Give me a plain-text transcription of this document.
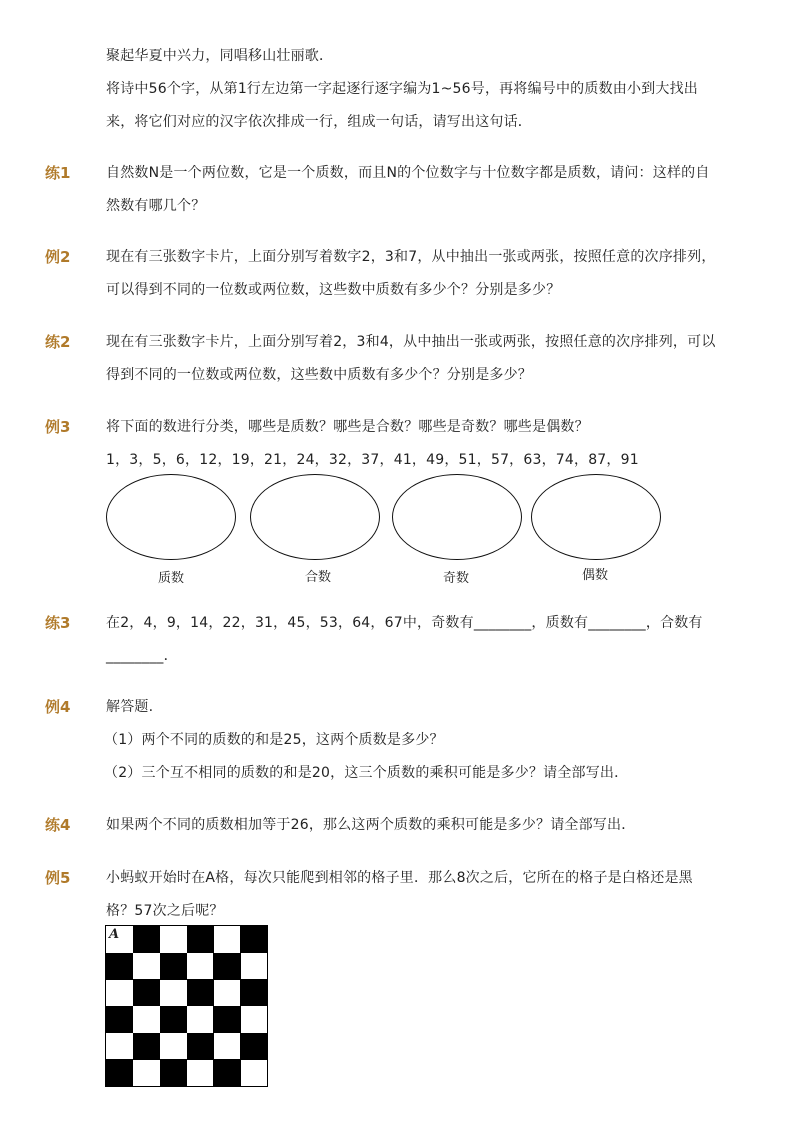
聚起华夏中兴力，同唱移山壮丽歌．
将诗中56个字，从第1行左边第一字起逐行逐字编为1~56号，再将编号中的质数由小到大找出
来，将它们对应的汉字依次排成一行，组成一句话，请写出这句话．
练1	自然数N是一个两位数，它是一个质数，而且N的个位数字与十位数字都是质数，请问：这样的自
然数有哪几个？
例2	现在有三张数字卡片，上面分别写着数字2，3和7，从中抽出一张或两张，按照任意的次序排列，
可以得到不同的一位数或两位数，这些数中质数有多少个？分别是多少？
练2	现在有三张数字卡片，上面分别写着2，3和4，从中抽出一张或两张，按照任意的次序排列，可以
得到不同的一位数或两位数，这些数中质数有多少个？分别是多少？
例3	将下面的数进行分类，哪些是质数？哪些是合数？哪些是奇数？哪些是偶数？
1，3，5，6，12，19，21，24，32，37，41，49，51，57，63，74，87，91
质数	合数	奇数	偶数
练3	在2，4，9，14，22，31，45，53，64，67中，奇数有________，质数有________，合数有
________．
例4	解答题.
（1）两个不同的质数的和是25，这两个质数是多少？
（2）三个互不相同的质数的和是20，这三个质数的乘积可能是多少？请全部写出．
练4	如果两个不同的质数相加等于26，那么这两个质数的乘积可能是多少？请全部写出．
例5	小蚂蚁开始时在A格，每次只能爬到相邻的格子里．那么8次之后，它所在的格子是白格还是黑
格？57次之后呢？
A
